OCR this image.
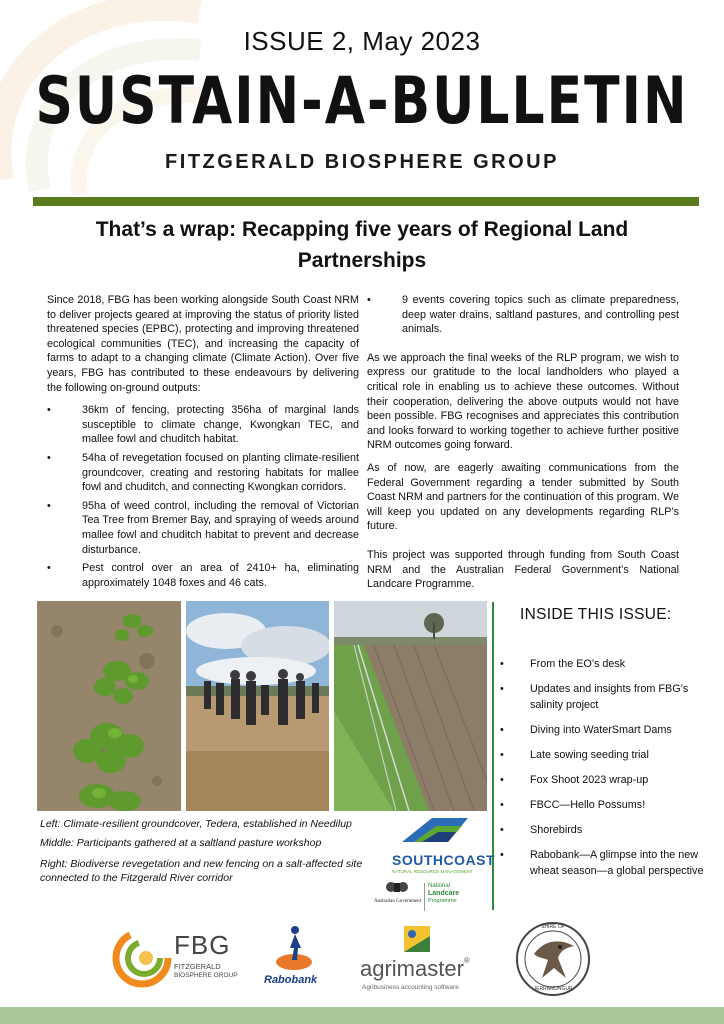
ISSUE 2, May 2023
SUSTAIN-A-BULLETIN
FITZGERALD BIOSPHERE GROUP
That’s a wrap: Recapping five years of Regional Land
Partnerships

Since 2018, FBG has been working alongside South Coast NRM to deliver projects geared at improving the status of priority listed threatened species (EPBC), protecting and improving threatened ecological communities (TEC), and increasing the capacity of farms to adapt to a changing climate (Climate Action). Over five years, FBG has contributed to these endeavours by delivering the following on-ground outputs:

•	36km of fencing, protecting 356ha of marginal lands susceptible to climate change, Kwongkan TEC, and mallee fowl and chuditch habitat.
•	54ha of revegetation focused on planting climate-resilient groundcover, creating and restoring habitats for mallee fowl and chuditch, and connecting Kwongkan corridors.
•	95ha of weed control, including the removal of Victorian Tea Tree from Bremer Bay, and spraying of weeds around mallee fowl and chuditch habitat to prevent and decrease disturbance.
•	Pest control over an area of 2410+ ha, eliminating approximately 1048 foxes and 46 cats.
•	9 events covering topics such as climate preparedness, deep water drains, saltland pastures, and controlling pest animals.

As we approach the final weeks of the RLP program, we wish to express our gratitude to the local landholders who played a critical role in enabling us to achieve these outcomes. Without their cooperation, delivering the above outputs would not have been possible. FBG recognises and appreciates this contribution and looks forward to working together to achieve further positive NRM outcomes going forward.

As of now, are eagerly awaiting communications from the Federal Government regarding a tender submitted by South Coast NRM and partners for the continuation of this program. We will keep you updated on any developments regarding RLP’s future.

This project was supported through funding from South Coast NRM and the Australian Federal Government’s National Landcare Programme.

Left: Climate-resilient groundcover, Tedera, established in Needilup
Middle: Participants gathered at a saltland pasture workshop
Right: Biodiverse revegetation and new fencing on a salt-affected site
connected to the Fitzgerald River corridor
SOUTHCOAST
NATURAL RESOURCE MANAGEMENT
Australian Government
National
Landcare
Programme
INSIDE THIS ISSUE:
• From the EO’s desk
• Updates and insights from FBG’s salinity project
• Diving into WaterSmart Dams
• Late sowing seeding trial
• Fox Shoot 2023 wrap-up
• FBCC—Hello Possums!
• Shorebirds
• Rabobank—A glimpse into the new wheat season—a global perspective
FBG
FITZGERALD
BIOSPHERE GROUP Rabobank agrimaster®
Agribusiness accounting software
SHIRE OF
JERRAMUNGUP
